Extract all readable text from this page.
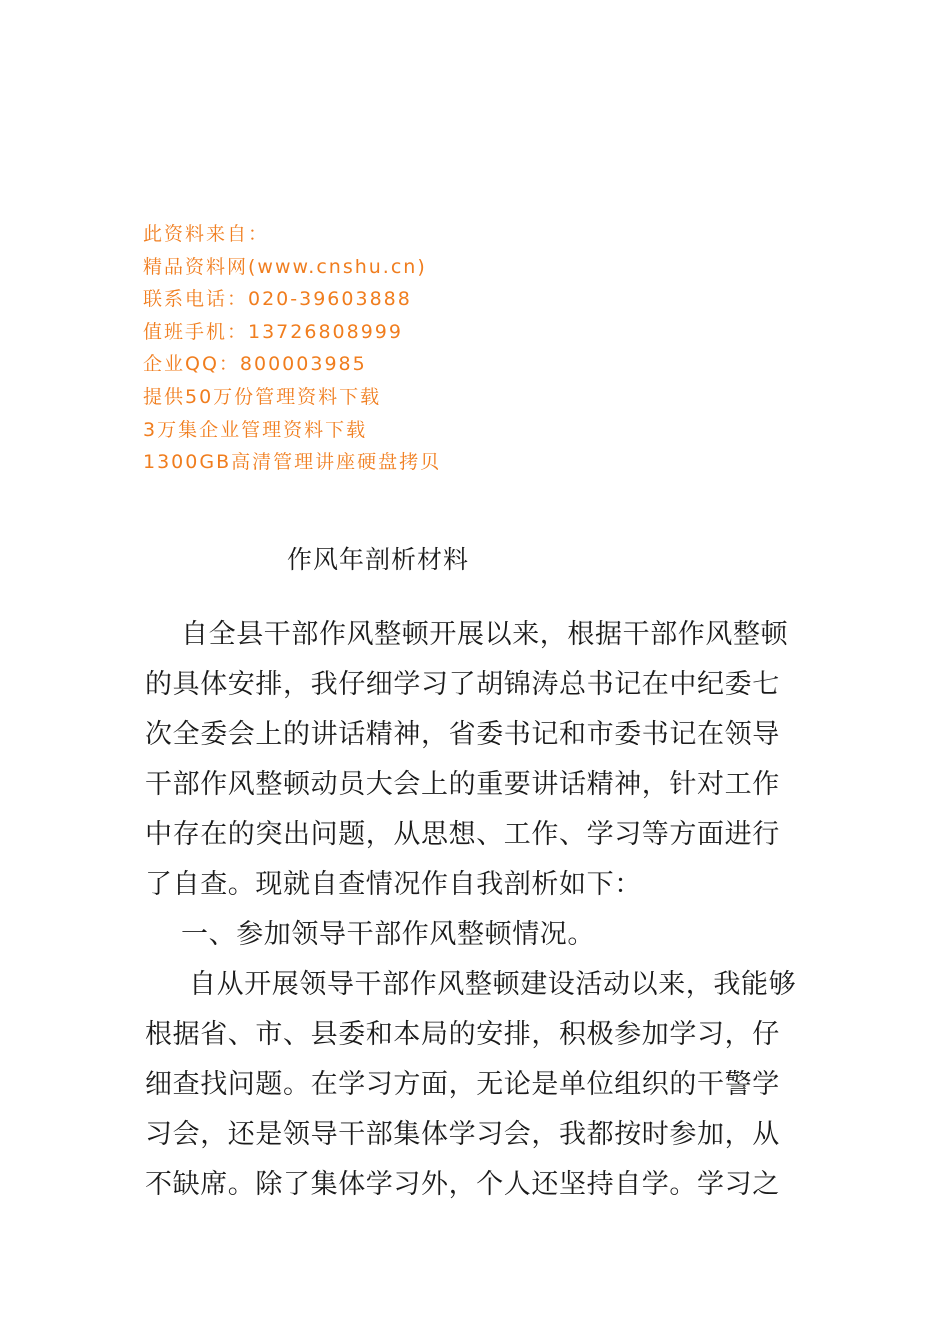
此资料来自：
精品资料网(www.cnshu.cn)
联系电话：020-39603888
值班手机：13726808999
企业QQ：800003985
提供50万份管理资料下载
3万集企业管理资料下载
1300GB高清管理讲座硬盘拷贝
作风年剖析材料
自全县干部作风整顿开展以来，根据干部作风整顿
的具体安排，我仔细学习了胡锦涛总书记在中纪委七
次全委会上的讲话精神，省委书记和市委书记在领导
干部作风整顿动员大会上的重要讲话精神，针对工作
中存在的突出问题，从思想、工作、学习等方面进行
了自查。现就自查情况作自我剖析如下：
一、参加领导干部作风整顿情况。
自从开展领导干部作风整顿建设活动以来，我能够
根据省、市、县委和本局的安排，积极参加学习，仔
细查找问题。在学习方面，无论是单位组织的干警学
习会，还是领导干部集体学习会，我都按时参加，从
不缺席。除了集体学习外，个人还坚持自学。学习之
